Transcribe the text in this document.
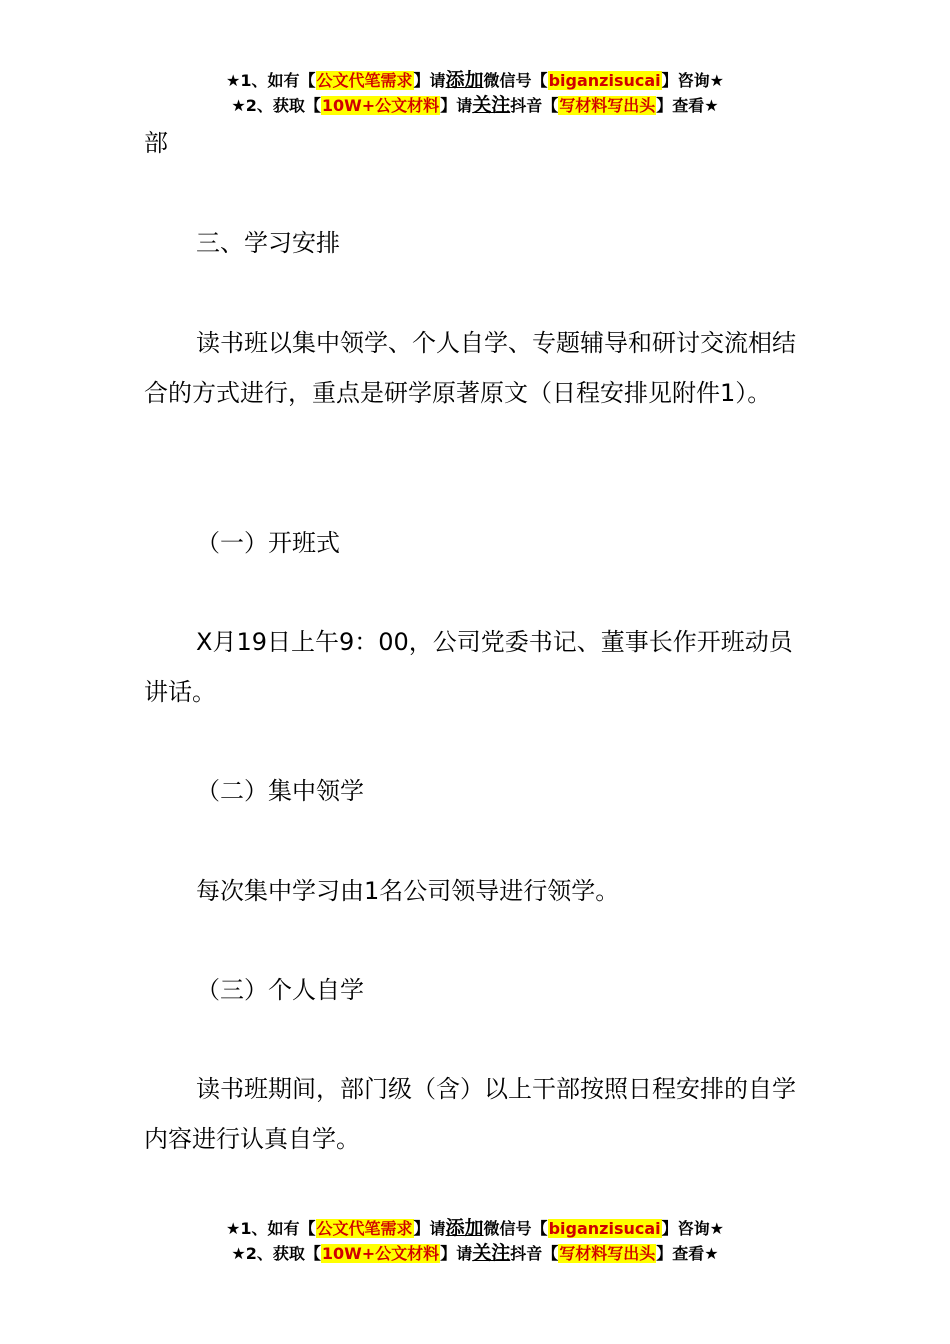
★1、如有【公文代笔需求】请添加微信号【biganzisucai】咨询★
★2、获取【10W+公文材料】请关注抖音【写材料写出头】查看★

部

三、学习安排

读书班以集中领学、个人自学、专题辅导和研讨交流相结合的方式进行，重点是研学原著原文（日程安排见附件1）。

（一）开班式

X月19日上午9：00，公司党委书记、董事长作开班动员讲话。

（二）集中领学

每次集中学习由1名公司领导进行领学。

（三）个人自学

读书班期间，部门级（含）以上干部按照日程安排的自学内容进行认真自学。

★1、如有【公文代笔需求】请添加微信号【biganzisucai】咨询★
★2、获取【10W+公文材料】请关注抖音【写材料写出头】查看★
